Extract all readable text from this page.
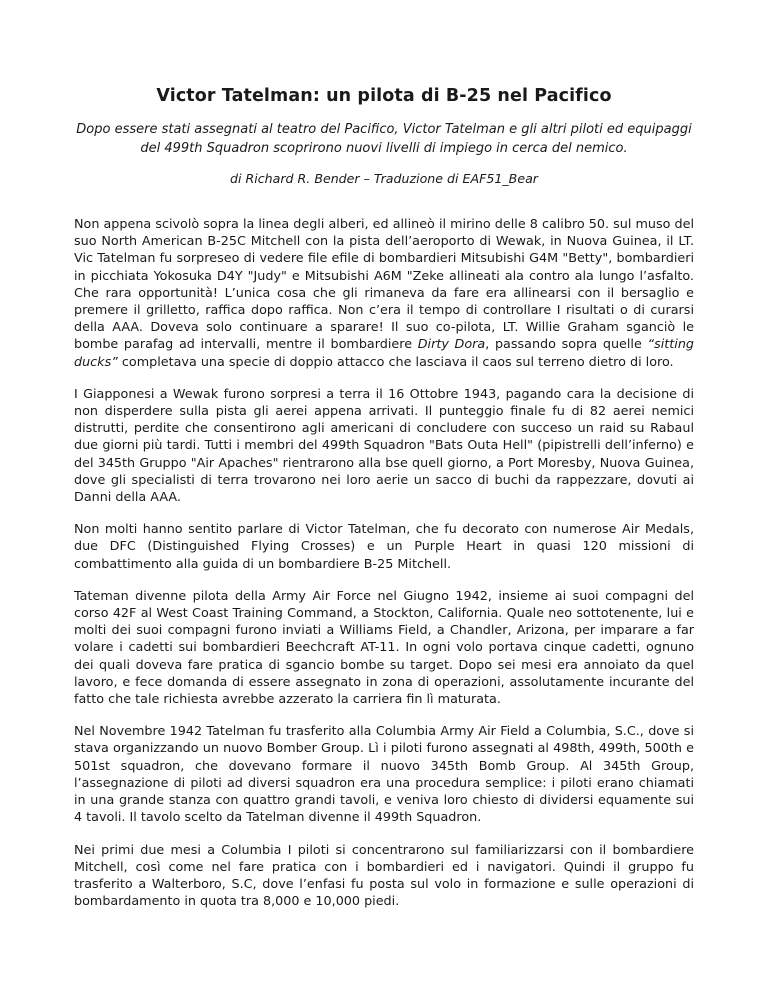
Victor Tatelman: un pilota di B-25 nel Pacifico
Dopo essere stati assegnati al teatro del Pacifico, Victor Tatelman e gli altri piloti ed equipaggi del 499th Squadron scoprirono nuovi livelli di impiego in cerca del nemico.
di Richard R. Bender – Traduzione di EAF51_Bear

Non appena scivolò sopra la linea degli alberi, ed allineò il mirino delle 8 calibro 50. sul muso del suo North American B-25C Mitchell con la pista dell’aeroporto di Wewak, in Nuova Guinea, il LT. Vic Tatelman fu sorpreseo di vedere file efile di bombardieri Mitsubishi G4M "Betty", bombardieri in picchiata Yokosuka D4Y "Judy" e Mitsubishi A6M "Zeke allineati ala contro ala lungo l’asfalto. Che rara opportunità! L’unica cosa che gli rimaneva da fare era allinearsi con il bersaglio e premere il grilletto, raffica dopo raffica. Non c’era il tempo di controllare I risultati o di curarsi della AAA. Doveva solo continuare a sparare! Il suo co-pilota, LT. Willie Graham sganciò le bombe parafag ad intervalli, mentre il bombardiere Dirty Dora, passando sopra quelle “sitting ducks” completava una specie di doppio attacco che lasciava il caos sul terreno dietro di loro.

I Giapponesi a Wewak furono sorpresi a terra il 16 Ottobre 1943, pagando cara la decisione di non disperdere sulla pista gli aerei appena arrivati. Il punteggio finale fu di 82 aerei nemici distrutti, perdite che consentirono agli americani di concludere con succeso un raid su Rabaul due giorni più tardi. Tutti i membri del 499th Squadron "Bats Outa Hell" (pipistrelli dell’inferno) e del 345th Gruppo "Air Apaches" rientrarono alla bse quell giorno, a Port Moresby, Nuova Guinea, dove gli specialisti di terra trovarono nei loro aerie un sacco di buchi da rappezzare, dovuti ai Danni della AAA.

Non molti hanno sentito parlare di Victor Tatelman, che fu decorato con numerose Air Medals, due DFC (Distinguished Flying Crosses) e un Purple Heart in quasi 120 missioni di combattimento alla guida di un bombardiere B-25 Mitchell.

Tateman divenne pilota della Army Air Force nel Giugno 1942, insieme ai suoi compagni del corso 42F al West Coast Training Command, a Stockton, California. Quale neo sottotenente, lui e molti dei suoi compagni furono inviati a Williams Field, a Chandler, Arizona, per imparare a far volare i cadetti sui bombardieri Beechcraft AT-11. In ogni volo portava cinque cadetti, ognuno dei quali doveva fare pratica di sgancio bombe su target. Dopo sei mesi era annoiato da quel lavoro, e fece domanda di essere assegnato in zona di operazioni, assolutamente incurante del fatto che tale richiesta avrebbe azzerato la carriera fin lì maturata.

Nel Novembre 1942 Tatelman fu trasferito alla Columbia Army Air Field a Columbia, S.C., dove si stava organizzando un nuovo Bomber Group. Lì i piloti furono assegnati al 498th, 499th, 500th e 501st squadron, che dovevano formare il nuovo 345th Bomb Group. Al 345th Group, l’assegnazione di piloti ad diversi squadron era una procedura semplice: i piloti erano chiamati in una grande stanza con quattro grandi tavoli, e veniva loro chiesto di dividersi equamente sui 4 tavoli. Il tavolo scelto da Tatelman divenne il 499th Squadron.

Nei primi due mesi a Columbia I piloti si concentrarono sul familiarizzarsi con il bombardiere Mitchell, così come nel fare pratica con i bombardieri ed i navigatori. Quindi il gruppo fu trasferito a Walterboro, S.C, dove l’enfasi fu posta sul volo in formazione e sulle operazioni di bombardamento in quota tra 8,000 e 10,000 piedi.
